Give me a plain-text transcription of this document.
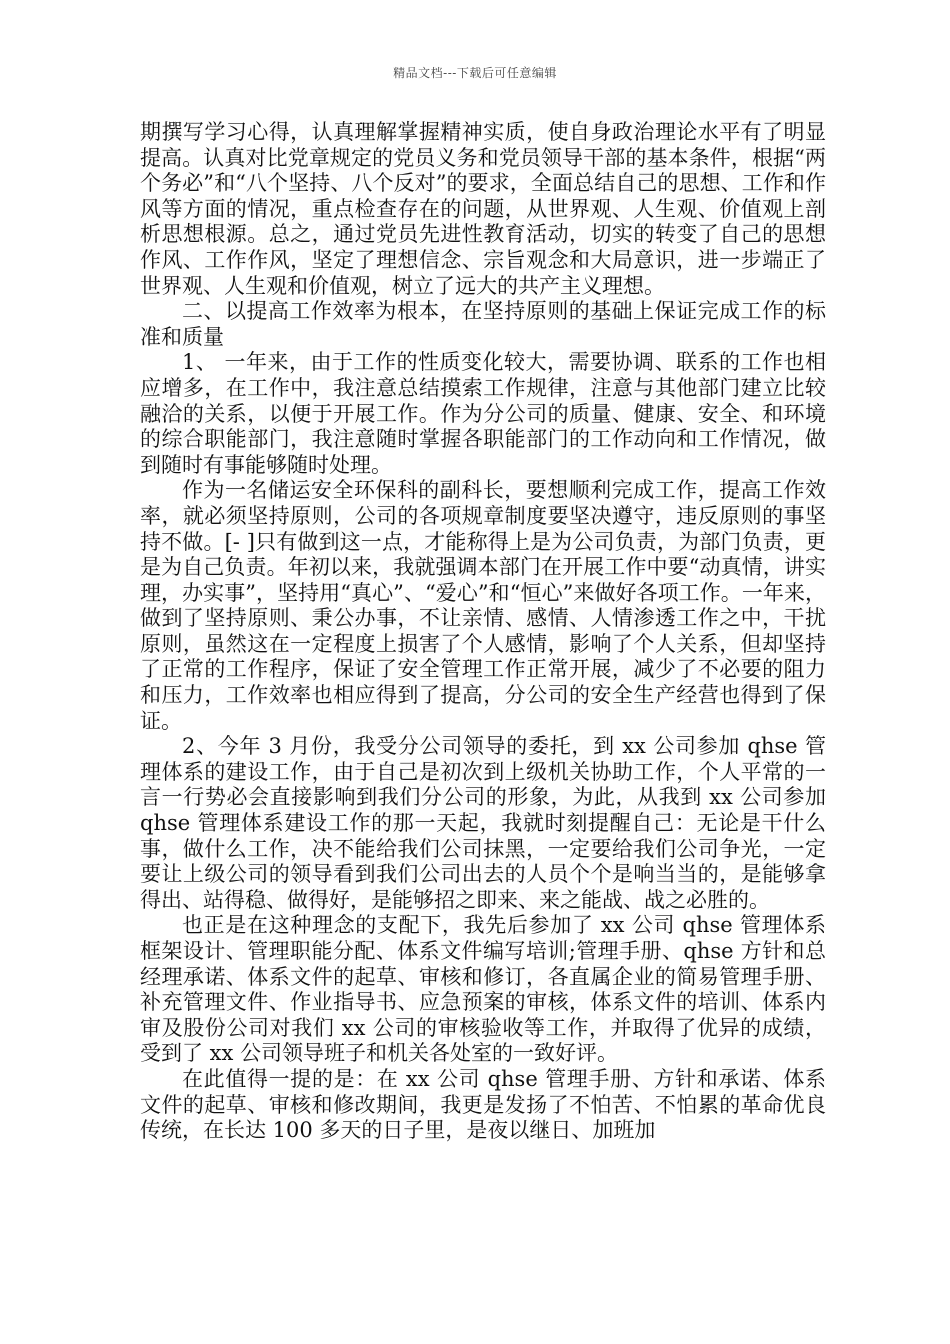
精品文档---下载后可任意编辑

期撰写学习心得，认真理解掌握精神实质，使自身政治理论水平有了明显提高。认真对比党章规定的党员义务和党员领导干部的基本条件，根据“两个务必”和“八个坚持、八个反对”的要求，全面总结自己的思想、工作和作风等方面的情况，重点检查存在的问题，从世界观、人生观、价值观上剖析思想根源。总之，通过党员先进性教育活动，切实的转变了自己的思想作风、工作作风，坚定了理想信念、宗旨观念和大局意识，进一步端正了世界观、人生观和价值观，树立了远大的共产主义理想。

二、以提高工作效率为根本，在坚持原则的基础上保证完成工作的标准和质量

1、 一年来，由于工作的性质变化较大，需要协调、联系的工作也相应增多，在工作中，我注意总结摸索工作规律，注意与其他部门建立比较融洽的关系，以便于开展工作。作为分公司的质量、健康、安全、和环境的综合职能部门，我注意随时掌握各职能部门的工作动向和工作情况，做到随时有事能够随时处理。

作为一名储运安全环保科的副科长，要想顺利完成工作，提高工作效率，就必须坚持原则，公司的各项规章制度要坚决遵守，违反原则的事坚持不做。[- ]只有做到这一点，才能称得上是为公司负责，为部门负责，更是为自己负责。年初以来，我就强调本部门在开展工作中要“动真情，讲实理，办实事”，坚持用“真心”、“爱心”和“恒心”来做好各项工作。一年来，做到了坚持原则、秉公办事，不让亲情、感情、人情渗透工作之中，干扰原则，虽然这在一定程度上损害了个人感情，影响了个人关系，但却坚持了正常的工作程序，保证了安全管理工作正常开展，减少了不必要的阻力和压力，工作效率也相应得到了提高，分公司的安全生产经营也得到了保证。

2、今年 3 月份，我受分公司领导的委托，到 xx 公司参加 qhse 管理体系的建设工作，由于自己是初次到上级机关协助工作，个人平常的一言一行势必会直接影响到我们分公司的形象，为此，从我到 xx 公司参加 qhse 管理体系建设工作的那一天起，我就时刻提醒自己：无论是干什么事，做什么工作，决不能给我们公司抹黑，一定要给我们公司争光，一定要让上级公司的领导看到我们公司出去的人员个个是响当当的，是能够拿得出、站得稳、做得好，是能够招之即来、来之能战、战之必胜的。

也正是在这种理念的支配下，我先后参加了 xx 公司 qhse 管理体系框架设计、管理职能分配、体系文件编写培训;管理手册、qhse 方针和总经理承诺、体系文件的起草、审核和修订，各直属企业的简易管理手册、补充管理文件、作业指导书、应急预案的审核，体系文件的培训、体系内审及股份公司对我们 xx 公司的审核验收等工作，并取得了优异的成绩，受到了 xx 公司领导班子和机关各处室的一致好评。

在此值得一提的是：在 xx 公司 qhse 管理手册、方针和承诺、体系文件的起草、审核和修改期间，我更是发扬了不怕苦、不怕累的革命优良传统，在长达 100 多天的日子里，是夜以继日、加班加
